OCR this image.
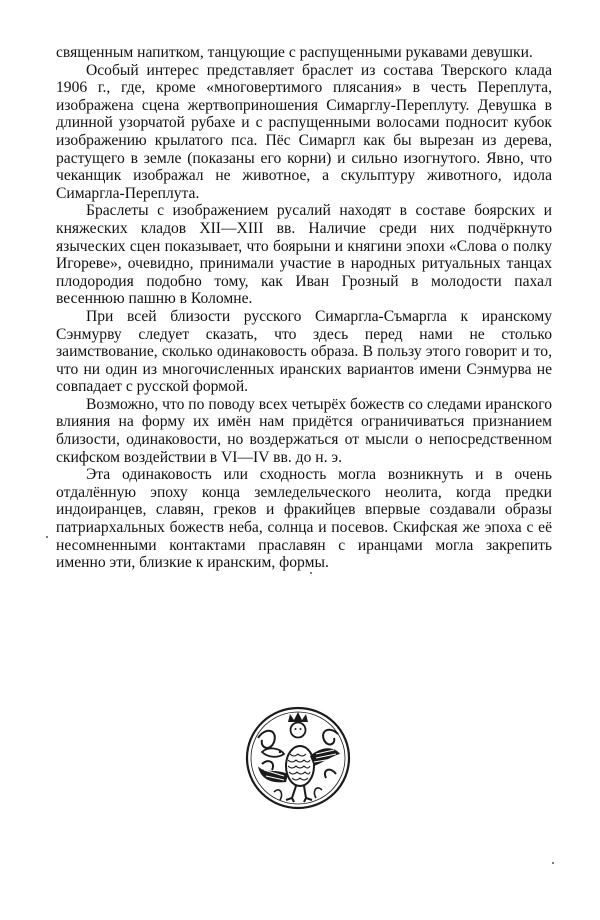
священным напитком, танцующие с распущенными рукавами девушки.

Особый интерес представляет браслет из состава Тверского клада 1906 г., где, кроме «многовертимого плясания» в честь Переплута, изображена сцена жертвоприношения Симарглу-Переплуту. Девушка в длинной узорчатой рубахе и с распущенными волосами подносит кубок изображению крылатого пса. Пёс Симаргл как бы вырезан из дерева, растущего в земле (показаны его корни) и сильно изогнутого. Явно, что чеканщик изображал не животное, а скульптуру животного, идола Симаргла-Переплута.

Браслеты с изображением русалий находят в составе боярских и княжеских кладов XII—XIII вв. Наличие среди них подчёркнуто языческих сцен показывает, что боярыни и княгини эпохи «Слова о полку Игореве», очевидно, принимали участие в народных ритуальных танцах плодородия подобно тому, как Иван Грозный в молодости пахал весеннюю пашню в Коломне.

При всей близости русского Симаргла-Съмаргла к иранскому Сэнмурву следует сказать, что здесь перед нами не столько заимствование, сколько одинаковость образа. В пользу этого говорит и то, что ни один из многочисленных иранских вариантов имени Сэнмурва не совпадает с русской формой.

Возможно, что по поводу всех четырёх божеств со следами иранского влияния на форму их имён нам придётся ограничиваться признанием близости, одинаковости, но воздержаться от мысли о непосредственном скифском воздействии в VI—IV вв. до н. э.

Эта одинаковость или сходность могла возникнуть и в очень отдалённую эпоху конца земледельческого неолита, когда предки индоиранцев, славян, греков и фракийцев впервые создавали образы патриархальных божеств неба, солнца и посевов. Скифская же эпоха с её несомненными контактами праславян с иранцами могла закрепить именно эти, близкие к иранским, формы.
